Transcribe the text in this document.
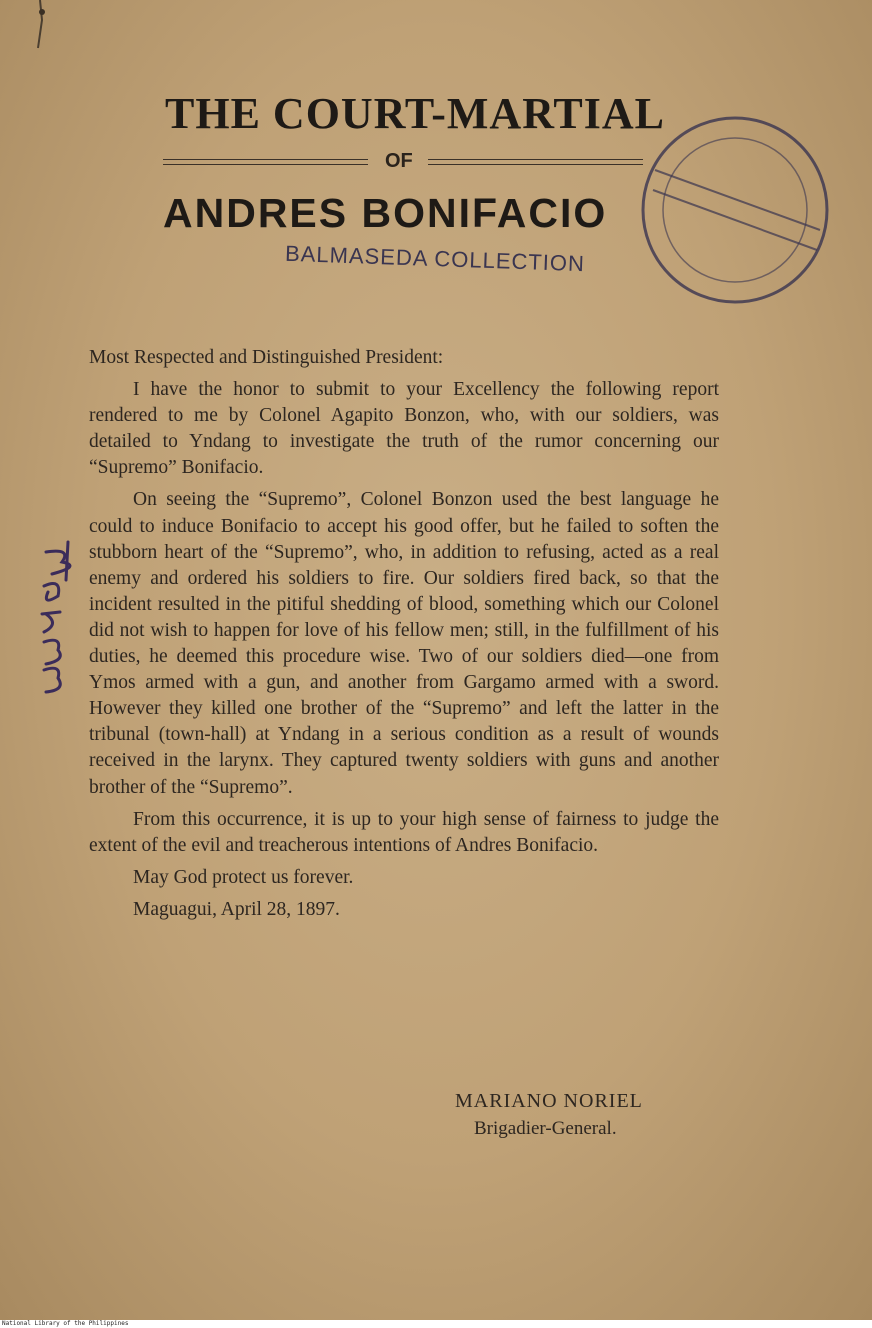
THE COURT-MARTIAL
OF
ANDRES BONIFACIO
BALMASEDA COLLECTION

Most Respected and Distinguished President:

I have the honor to submit to your Excellency the following report rendered to me by Colonel Agapito Bonzon, who, with our soldiers, was detailed to Yndang to investigate the truth of the rumor concerning our “Supremo” Bonifacio.

On seeing the “Supremo”, Colonel Bonzon used the best language he could to induce Bonifacio to accept his good offer, but he failed to soften the stubborn heart of the “Supremo”, who, in addition to refusing, acted as a real enemy and ordered his soldiers to fire. Our soldiers fired back, so that the incident resulted in the pitiful shedding of blood, something which our Colonel did not wish to happen for love of his fellow men; still, in the fulfillment of his duties, he deemed this procedure wise. Two of our soldiers died—one from Ymos armed with a gun, and another from Gargamo armed with a sword. However they killed one brother of the “Supremo” and left the latter in the tribunal (town-hall) at Yndang in a serious condition as a result of wounds received in the larynx. They captured twenty soldiers with guns and another brother of the “Supremo”.

From this occurrence, it is up to your high sense of fairness to judge the extent of the evil and treacherous intentions of Andres Bonifacio.

May God protect us forever.

Maguagui, April 28, 1897.

MARIANO NORIEL
Brigadier-General.
National Library of the Philippines
